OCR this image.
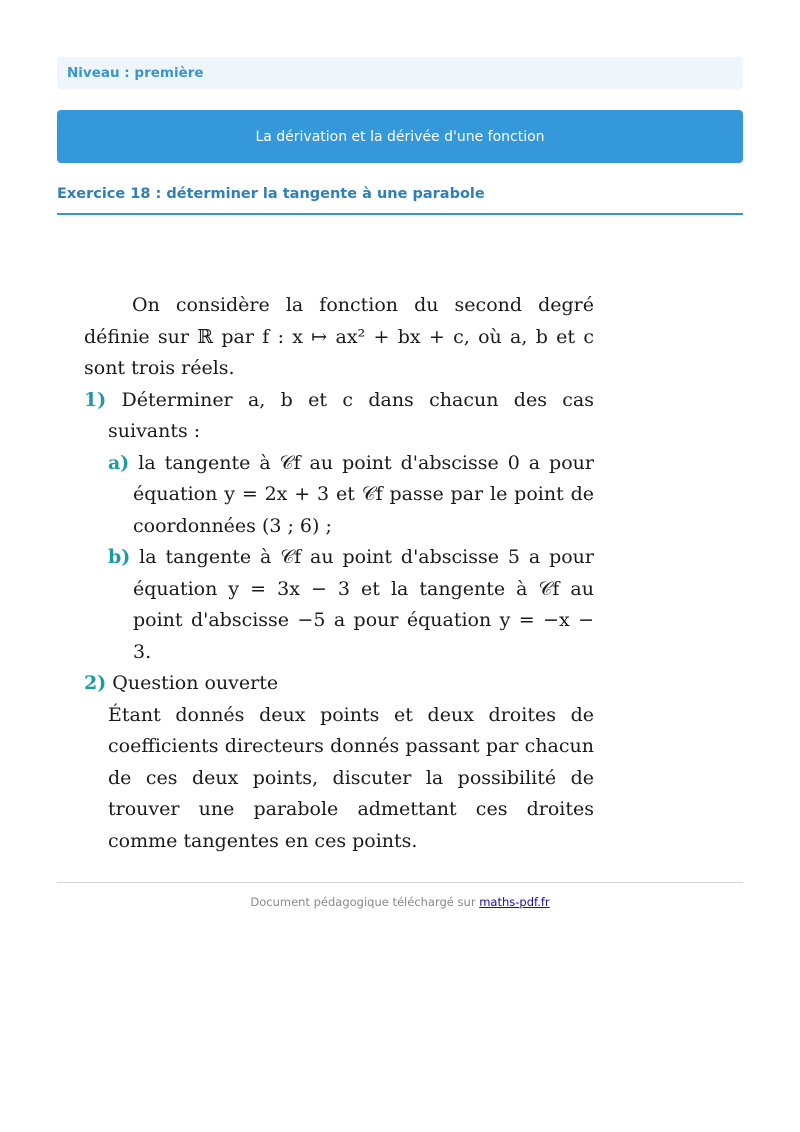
Niveau : première
La dérivation et la dérivée d'une fonction
Exercice 18 : déterminer la tangente à une parabole

On considère la fonction du second degré définie sur ℝ par f : x ↦ ax² + bx + c, où a, b et c sont trois réels.

1) Déterminer a, b et c dans chacun des cas suivants :

a) la tangente à 𝒞f au point d'abscisse 0 a pour équation y = 2x + 3 et 𝒞f passe par le point de coordonnées (3 ; 6) ;

b) la tangente à 𝒞f au point d'abscisse 5 a pour équation y = 3x − 3 et la tangente à 𝒞f au point d'abscisse −5 a pour équation y = −x − 3.

2) Question ouverte

Étant donnés deux points et deux droites de coefficients directeurs donnés passant par chacun de ces deux points, discuter la possibilité de trouver une parabole admettant ces droites comme tangentes en ces points.

Document pédagogique téléchargé sur maths-pdf.fr
